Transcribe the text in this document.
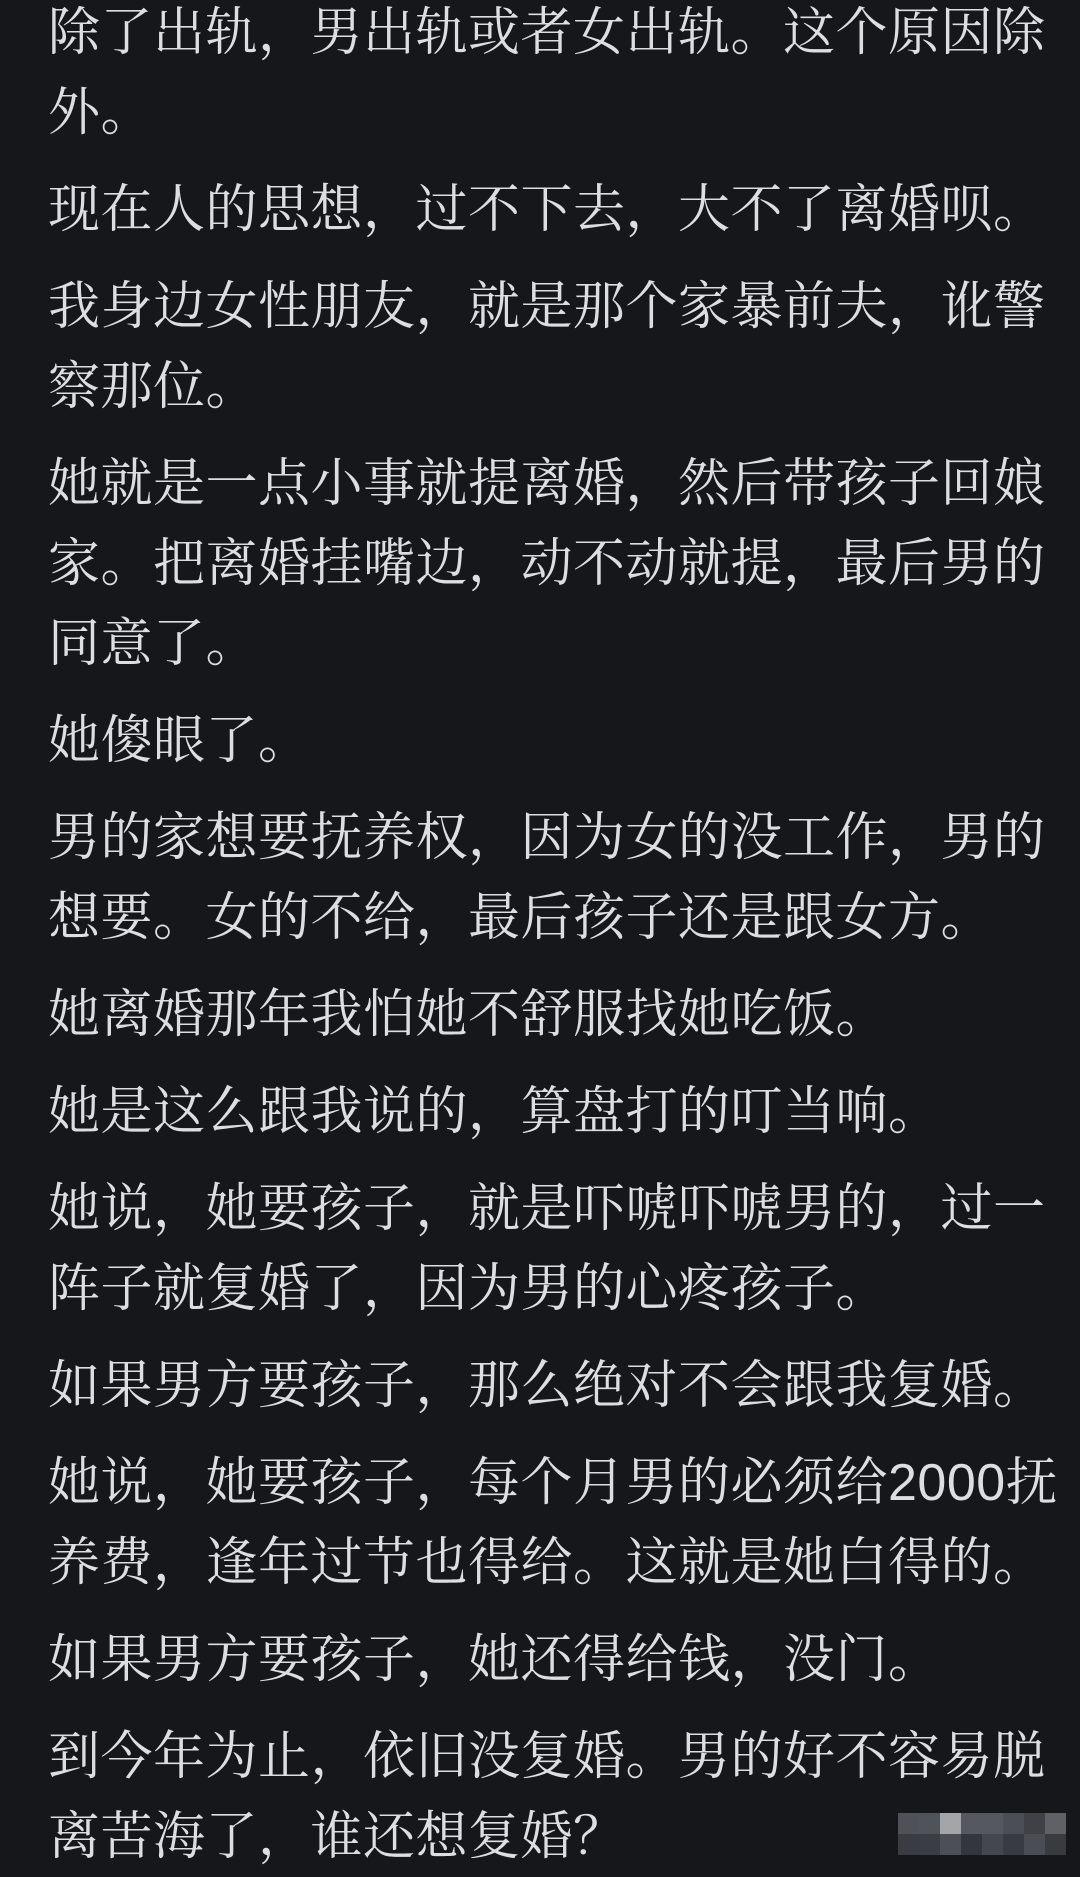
除了出轨，男出轨或者女出轨。这个原因除
外。

现在人的思想，过不下去，大不了离婚呗。

我身边女性朋友，就是那个家暴前夫，讹警
察那位。

她就是一点小事就提离婚，然后带孩子回娘
家。把离婚挂嘴边，动不动就提，最后男的
同意了。

她傻眼了。

男的家想要抚养权，因为女的没工作，男的
想要。女的不给，最后孩子还是跟女方。

她离婚那年我怕她不舒服找她吃饭。

她是这么跟我说的，算盘打的叮当响。

她说，她要孩子，就是吓唬吓唬男的，过一
阵子就复婚了，因为男的心疼孩子。

如果男方要孩子，那么绝对不会跟我复婚。

她说，她要孩子，每个月男的必须给2000抚
养费，逢年过节也得给。这就是她白得的。

如果男方要孩子，她还得给钱，没门。

到今年为止，依旧没复婚。男的好不容易脱
离苦海了，谁还想复婚？
